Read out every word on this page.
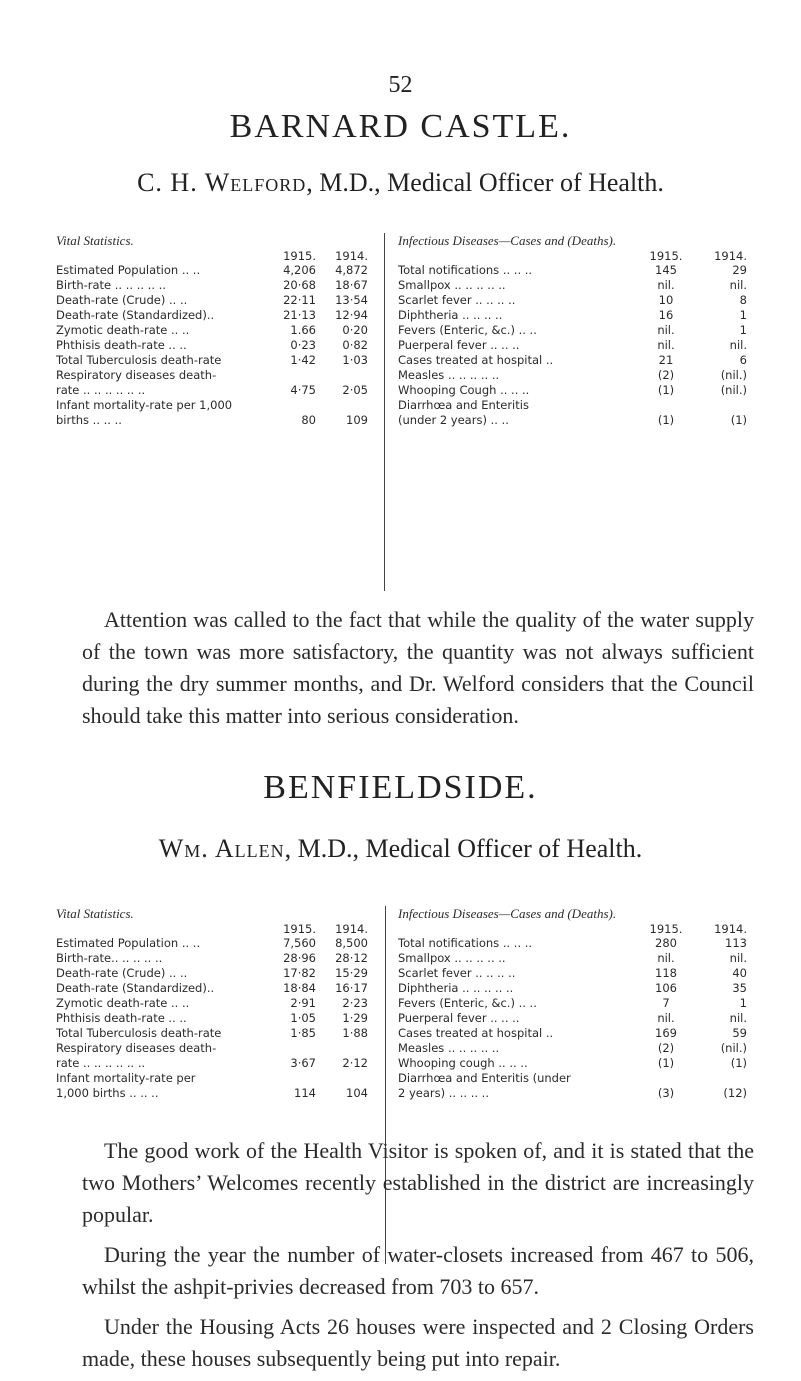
52
BARNARD CASTLE.
C. H. Welford, M.D., Medical Officer of Health.
Vital Statistics.
1915. 1914.
Estimated Population .. ..	4,206 4,872
Birth-rate .. .. .. .. ..	20·68 18·67
Death-rate (Crude) .. ..	22·11 13·54
Death-rate (Standardized)..	21·13 12·94
Zymotic death-rate .. ..	1.66 0·20
Phthisis death-rate .. ..	0·23 0·82
Total Tuberculosis death-rate	1·42 1·03
Respiratory diseases death-
rate .. .. .. .. .. ..	4·75 2·05
Infant mortality-rate per 1,000
births .. .. ..	80	109
Infectious Diseases—Cases and (Deaths).
1915.	1914.
Total notifications .. .. ..	145	29
Smallpox .. .. .. .. ..	nil.	nil.
Scarlet fever .. .. .. ..	10	8
Diphtheria .. .. .. ..	16	1
Fevers (Enteric, &c.) .. ..	nil.	1
Puerperal fever .. .. ..	nil.	nil.
Cases treated at hospital ..	21	6
Measles .. .. .. .. ..	(2)	(nil.)
Whooping Cough .. .. ..	(1)	(nil.)
Diarrhœa and Enteritis
(under 2 years) .. ..	(1)	(1)
Attention was called to the fact that while the quality of the water supply of the town was more satisfactory, the quantity was not always sufficient during the dry summer months, and Dr. Welford considers that the Council should take this matter into serious consideration.
BENFIELDSIDE.
Wm. Allen, M.D., Medical Officer of Health.
Vital Statistics.
1915. 1914.
Estimated Population .. ..	7,560 8,500
Birth-rate.. .. .. .. ..	28·96 28·12
Death-rate (Crude) .. ..	17·82 15·29
Death-rate (Standardized)..	18·84 16·17
Zymotic death-rate .. ..	2·91 2·23
Phthisis death-rate .. ..	1·05 1·29
Total Tuberculosis death-rate	1·85 1·88
Respiratory diseases death-
rate .. .. .. .. .. ..	3·67 2·12
Infant mortality-rate per
1,000 births .. .. ..	114	104
Infectious Diseases—Cases and (Deaths).
1915.	1914.
Total notifications .. .. ..	280	113
Smallpox .. .. .. .. ..	nil.	nil.
Scarlet fever .. .. .. ..	118	40
Diphtheria .. .. .. .. ..	106	35
Fevers (Enteric, &c.) .. ..	7	1
Puerperal fever .. .. ..	nil.	nil.
Cases treated at hospital ..	169	59
Measles .. .. .. .. ..	(2)	(nil.)
Whooping cough .. .. ..	(1)	(1)
Diarrhœa and Enteritis (under
2 years) .. .. .. ..	(3)	(12)
The good work of the Health Visitor is spoken of, and it is stated that the two Mothers’ Welcomes recently established in the district are increasingly popular.
During the year the number of water-closets increased from 467 to 506, whilst the ashpit-privies decreased from 703 to 657.
Under the Housing Acts 26 houses were inspected and 2 Closing Orders made, these houses subsequently being put into repair.
